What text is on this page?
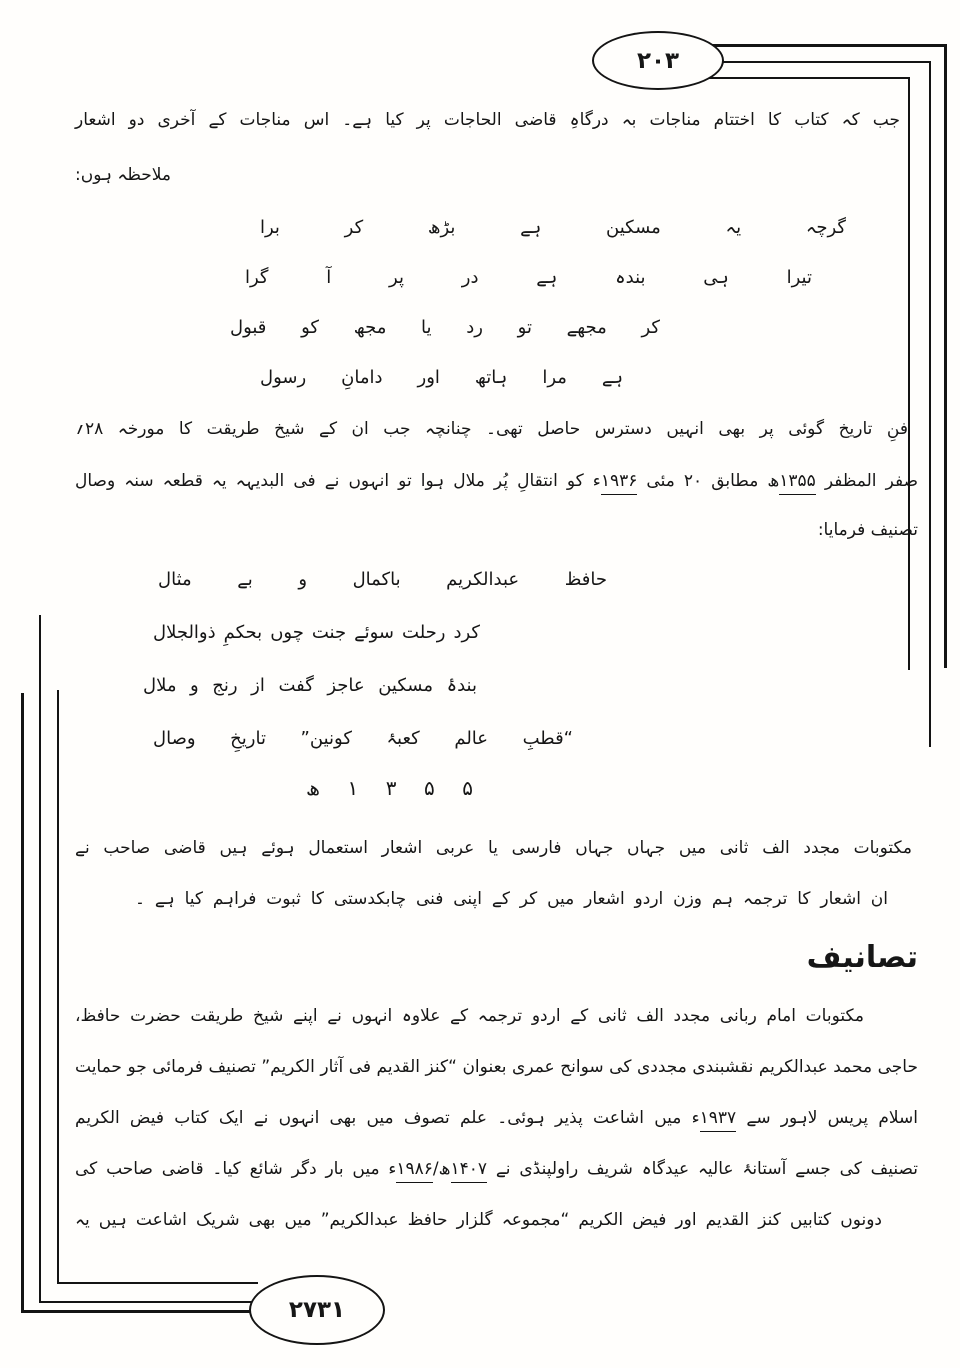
۲۰۳
۲۷۳۱
جب کہ کتاب کا اختتام مناجات بہ درگاہِ قاضی الحاجات پر کیا ہے۔ اس مناجات کے آخری دو اشعار
ملاحظہ ہوں:
گرچہ یہ مسکین ہے بڑھ کر برا
تیرا ہی بندہ ہے در پر آ گرا
کر مجھے تو رد یا مجھ کو قبول
ہے مرا ہاتھ اور دامانِ رسول
فنِ تاریخ گوئی پر بھی انہیں دسترس حاصل تھی۔ چنانچہ جب ان کے شیخ طریقت کا مورخہ ۲۸؍
صفر المظفر ۱۳۵۵ھ مطابق ۲۰ مئی ۱۹۳۶ء کو انتقالِ پُر ملال ہوا تو انہوں نے فی البدیہہ یہ قطعہ سنہ وصال
تصنیف فرمایا:
حافظ عبدالکریم باکمال و بے مثال
کرد رحلت سوئے جنت چوں بحکمِ ذوالجلال
بندۂ مسکین عاجز گفت از رنج و ملال
“قطبِ عالم کعبۂ کونین” تاریخِ وصال
ھ ۱ ۳ ۵ ۵
مکتوبات مجدد الف ثانی میں جہاں جہاں فارسی یا عربی اشعار استعمال ہوئے ہیں قاضی صاحب نے
ان اشعار کا ترجمہ ہم وزن اردو اشعار میں کر کے اپنی فنی چابکدستی کا ثبوت فراہم کیا ہے ۔
تصانیف
مکتوبات امام ربانی مجدد الف ثانی کے اردو ترجمہ کے علاوہ انہوں نے اپنے شیخ طریقت حضرت حافظ،
حاجی محمد عبدالکریم نقشبندی مجددی کی سوانح عمری بعنوان “کنز القدیم فی آثار الکریم” تصنیف فرمائی جو حمایت
اسلام پریس لاہور سے ۱۹۳۷ء میں اشاعت پذیر ہوئی۔ علم تصوف میں بھی انہوں نے ایک کتاب فیض الکریم
تصنیف کی جسے آستانۂ عالیہ عیدگاہ شریف راولپنڈی نے ۱۴۰۷ھ/۱۹۸۶ء میں بار دگر شائع کیا۔ قاضی صاحب کی
دونوں کتابیں کنز القدیم اور فیض الکریم “مجموعہ گلزار حافظ عبدالکریم” میں بھی شریک اشاعت ہیں یہ
